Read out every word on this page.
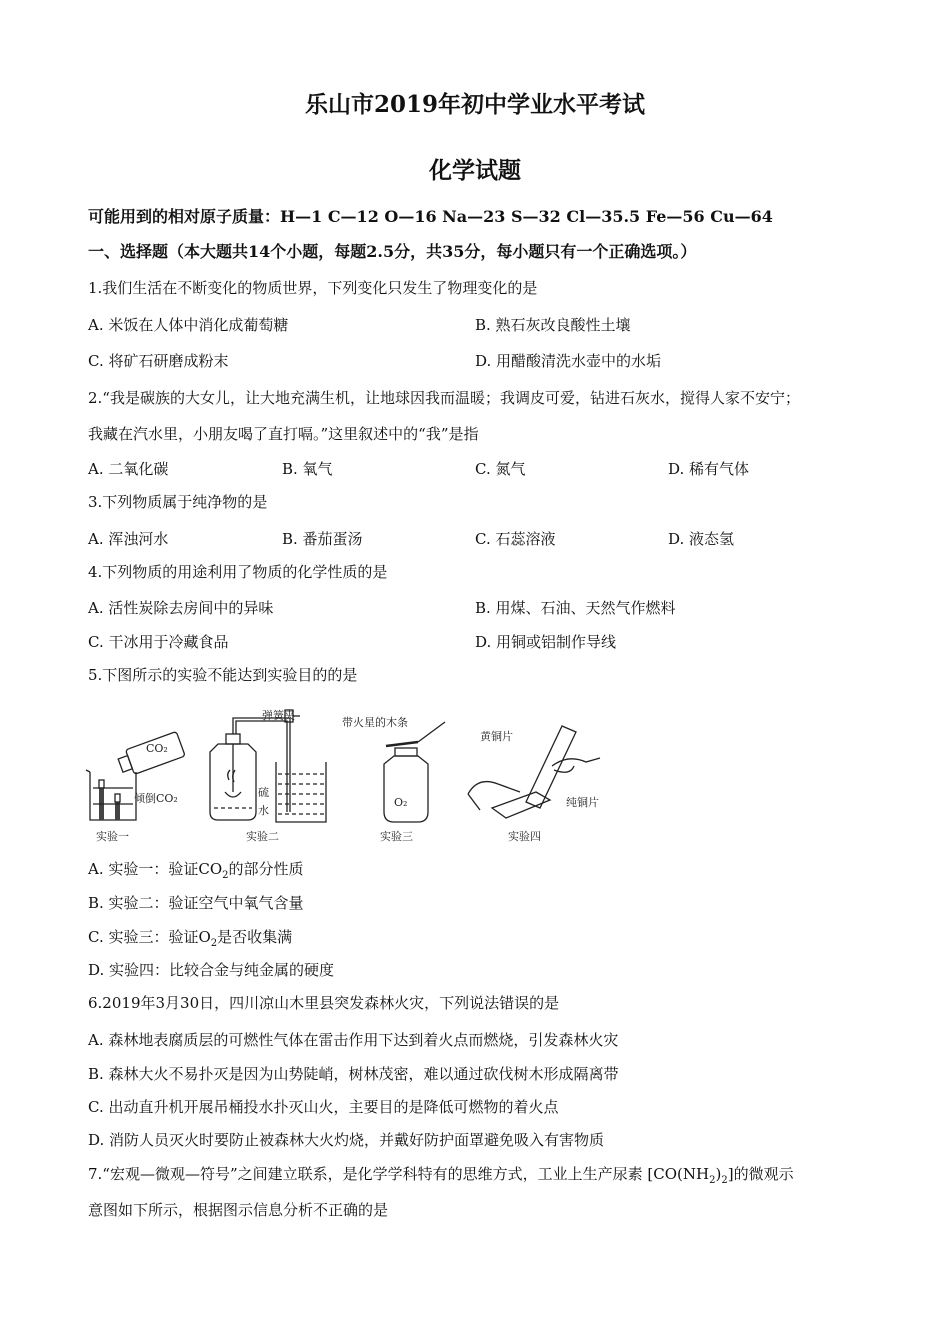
乐山市2019年初中学业水平考试
化学试题
可能用到的相对原子质量：H—1 C—12 O—16 Na—23 S—32 Cl—35.5 Fe—56 Cu—64
一、选择题（本大题共14个小题，每题2.5分，共35分，每小题只有一个正确选项。）
1.我们生活在不断变化的物质世界，下列变化只发生了物理变化的是
A. 米饭在人体中消化成葡萄糖	B. 熟石灰改良酸性土壤
C. 将矿石研磨成粉末	D. 用醋酸清洗水壶中的水垢
2.“我是碳族的大女儿，让大地充满生机，让地球因我而温暖；我调皮可爱，钻进石灰水，搅得人家不安宁；
我藏在汽水里，小朋友喝了直打嗝。”这里叙述中的“我”是指
A. 二氧化碳	B. 氧气	C. 氮气	D. 稀有气体
3.下列物质属于纯净物的是
A. 浑浊河水	B. 番茄蛋汤	C. 石蕊溶液	D. 液态氢
4.下列物质的用途利用了物质的化学性质的是
A. 活性炭除去房间中的异味	B. 用煤、石油、天然气作燃料
C. 干冰用于冷藏食品	D. 用铜或铝制作导线
5.下图所示的实验不能达到实验目的的是
CO₂
倾倒CO₂
实验一
弹簧夹
硫
水
实验二
带火星的木条
O₂
实验三
黄铜片
纯铜片
实验四
A. 实验一：验证$CO_2$的部分性质
B. 实验二：验证空气中氧气含量
C. 实验三：验证$O_2$是否收集满
D. 实验四：比较合金与纯金属的硬度
6.2019年3月30日，四川凉山木里县突发森林火灾，下列说法错误的是
A. 森林地表腐质层的可燃性气体在雷击作用下达到着火点而燃烧，引发森林火灾
B. 森林大火不易扑灭是因为山势陡峭，树林茂密，难以通过砍伐树木形成隔离带
C. 出动直升机开展吊桶投水扑灭山火，主要目的是降低可燃物的着火点
D. 消防人员灭火时要防止被森林大火灼烧，并戴好防护面罩避免吸入有害物质
7.“宏观—微观—符号”之间建立联系，是化学学科特有的思维方式，工业上生产尿素 $[CO(NH_2)_2]$的微观示
意图如下所示，根据图示信息分析不正确的是
